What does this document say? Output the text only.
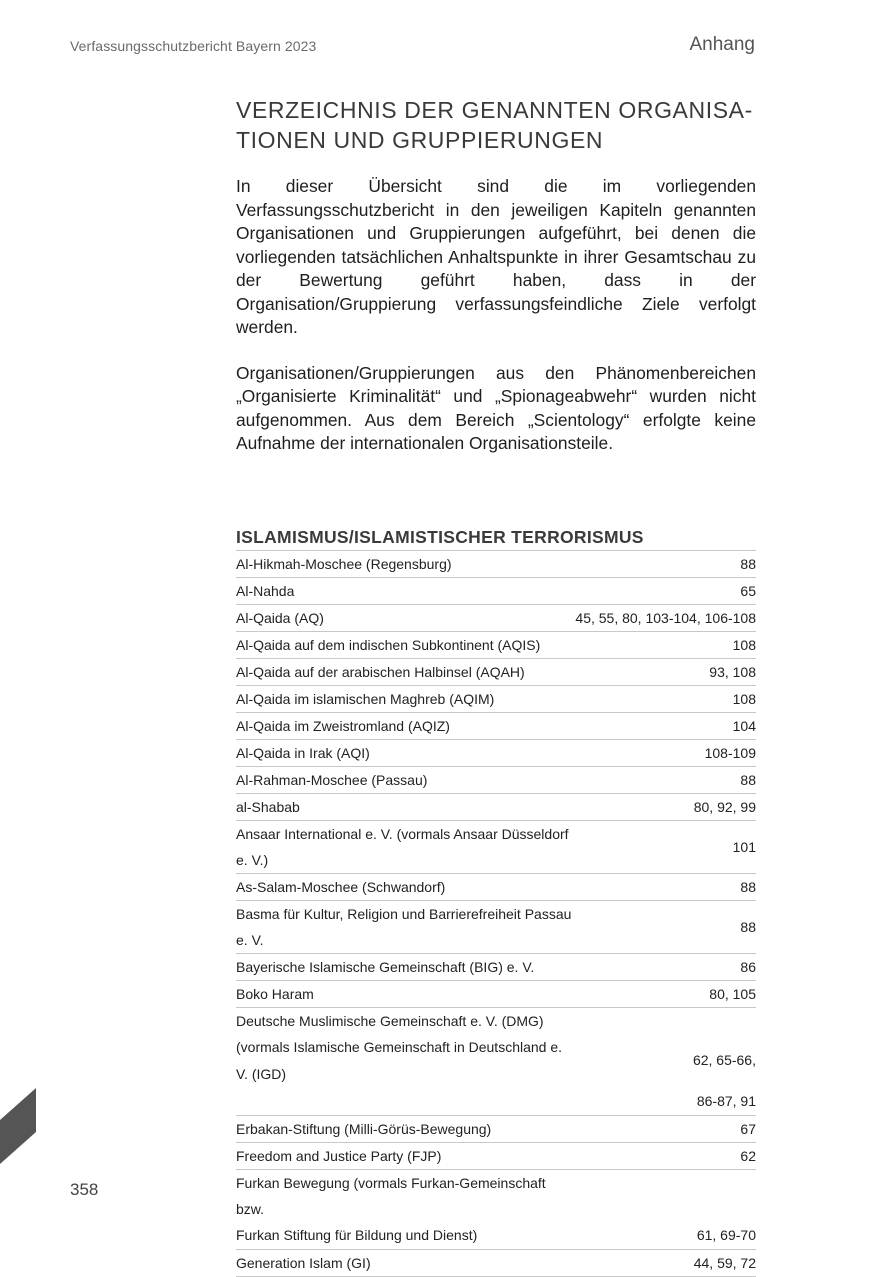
Verfassungsschutzbericht Bayern 2023	Anhang
VERZEICHNIS DER GENANNTEN ORGANISA-
TIONEN UND GRUPPIERUNGEN

In dieser Übersicht sind die im vorliegenden Verfassungsschutzbericht in den jeweiligen Kapiteln genannten Organisationen und Gruppierungen aufgeführt, bei denen die vorliegenden tatsächlichen Anhaltspunkte in ihrer Gesamtschau zu der Bewertung geführt haben, dass in der Organisation/Gruppierung verfassungsfeindliche Ziele verfolgt werden.

Organisationen/Gruppierungen aus den Phänomenbereichen „Organisierte Kriminalität“ und „Spionageabwehr“ wurden nicht aufgenommen. Aus dem Bereich „Scientology“ erfolgte keine Aufnahme der internationalen Organisationsteile.

ISLAMISMUS/ISLAMISTISCHER TERRORISMUS
Al-Hikmah-Moschee (Regensburg)	88
Al-Nahda	65
Al-Qaida (AQ)	45, 55, 80, 103-104, 106-108
Al-Qaida auf dem indischen Subkontinent (AQIS)	108
Al-Qaida auf der arabischen Halbinsel (AQAH)	93, 108
Al-Qaida im islamischen Maghreb (AQIM)	108
Al-Qaida im Zweistromland (AQIZ)	104
Al-Qaida in Irak (AQI)	108-109
Al-Rahman-Moschee (Passau)	88
al-Shabab	80, 92, 99
Ansaar International e. V. (vormals Ansaar Düsseldorf e. V.)	101
As-Salam-Moschee (Schwandorf)	88
Basma für Kultur, Religion und Barrierefreiheit Passau e. V.	88
Bayerische Islamische Gemeinschaft (BIG) e. V.	86
Boko Haram	80, 105
Deutsche Muslimische Gemeinschaft e. V. (DMG)	
(vormals Islamische Gemeinschaft in Deutschland e. V. (IGD)	62, 65-66,
	86-87, 91
Erbakan-Stiftung (Milli-Görüs-Bewegung)	67
Freedom and Justice Party (FJP)	62
Furkan Bewegung (vormals Furkan-Gemeinschaft bzw.	
Furkan Stiftung für Bildung und Dienst)	61, 69-70
Generation Islam (GI)	44, 59, 72
358
